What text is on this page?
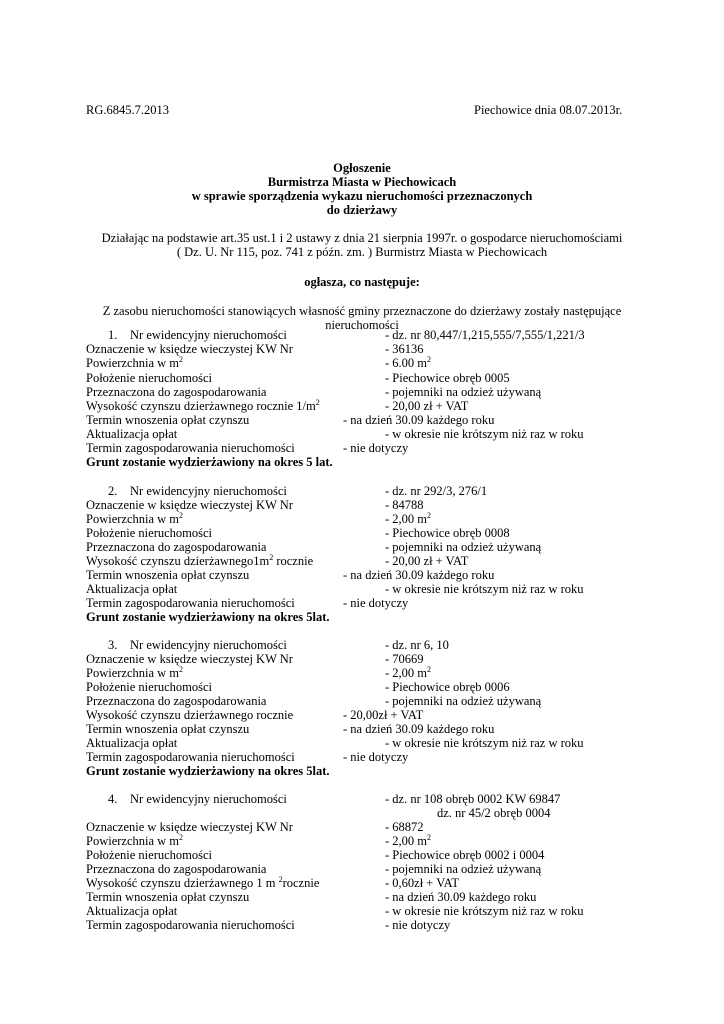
RG.6845.7.2013	Piechowice dnia 08.07.2013r.
Ogłoszenie
Burmistrza Miasta w Piechowicach
w sprawie sporządzenia wykazu nieruchomości przeznaczonych
do dzierżawy
Działając na podstawie art.35 ust.1 i 2 ustawy z dnia 21 sierpnia 1997r. o gospodarce nieruchomościami
( Dz. U. Nr 115, poz. 741 z późn. zm. ) Burmistrz Miasta w Piechowicach
ogłasza, co następuje:
Z zasobu nieruchomości stanowiących własność gminy przeznaczone do dzierżawy zostały następujące
nieruchomości
1. Nr ewidencyjny nieruchomości	- dz. nr 80,447/1,215,555/7,555/1,221/3
Oznaczenie w księdze wieczystej KW Nr	- 36136
Powierzchnia w $m^2$	- 6.00 $m^2$
Położenie nieruchomości	- Piechowice obręb 0005
Przeznaczona do zagospodarowania	- pojemniki na odzież używaną
Wysokość czynszu dzierżawnego rocznie $1/m^2$	- 20,00 zł + VAT
Termin wnoszenia opłat czynszu	- na dzień 30.09 każdego roku
Aktualizacja opłat	- w okresie nie krótszym niż raz w roku
Termin zagospodarowania nieruchomości	- nie dotyczy
Grunt zostanie wydzierżawiony na okres 5 lat.
2. Nr ewidencyjny nieruchomości	- dz. nr 292/3, 276/1
Oznaczenie w księdze wieczystej KW Nr	- 84788
Powierzchnia w $m^2$	- 2,00 $m^2$
Położenie nieruchomości	- Piechowice obręb 0008
Przeznaczona do zagospodarowania	- pojemniki na odzież używaną
Wysokość czynszu $dzierżawnego1m^2$ rocznie	- 20,00 zł + VAT
Termin wnoszenia opłat czynszu	- na dzień 30.09 każdego roku
Aktualizacja opłat	- w okresie nie krótszym niż raz w roku
Termin zagospodarowania nieruchomości	- nie dotyczy
Grunt zostanie wydzierżawiony na okres 5lat.
3. Nr ewidencyjny nieruchomości	- dz. nr 6, 10
Oznaczenie w księdze wieczystej KW Nr	- 70669
Powierzchnia w $m^2$	- 2,00 $m^2$
Położenie nieruchomości	- Piechowice obręb 0006
Przeznaczona do zagospodarowania	- pojemniki na odzież używaną
Wysokość czynszu dzierżawnego rocznie	- 20,00zł + VAT
Termin wnoszenia opłat czynszu	- na dzień 30.09 każdego roku
Aktualizacja opłat	- w okresie nie krótszym niż raz w roku
Termin zagospodarowania nieruchomości	- nie dotyczy
Grunt zostanie wydzierżawiony na okres 5lat.
4. Nr ewidencyjny nieruchomości	- dz. nr 108 obręb 0002 KW 69847
dz. nr 45/2 obręb 0004
Oznaczenie w księdze wieczystej KW Nr	- 68872
Powierzchnia w $m^2$	- 2,00 $m^2$
Położenie nieruchomości	- Piechowice obręb 0002 i 0004
Przeznaczona do zagospodarowania	- pojemniki na odzież używaną
Wysokość czynszu dzierżawnego 1 m $^2$rocznie	- 0,60zł + VAT
Termin wnoszenia opłat czynszu	- na dzień 30.09 każdego roku
Aktualizacja opłat	- w okresie nie krótszym niż raz w roku
Termin zagospodarowania nieruchomości	- nie dotyczy
